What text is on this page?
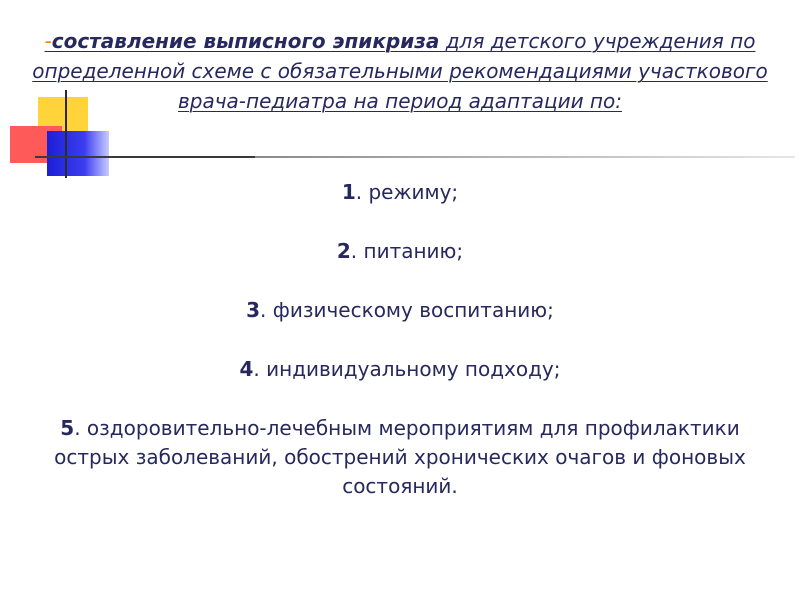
-составление выписного эпикриза для детского учреждения по определенной схеме с обязательными рекомендациями участкового врача-педиатра на период адаптации по:
1. режиму;
2. питанию;
3. физическому воспитанию;
4. индивидуальному подходу;
5. оздоровительно-лечебным мероприятиям для профилактики острых заболеваний, обострений хронических очагов и фоновых состояний.
